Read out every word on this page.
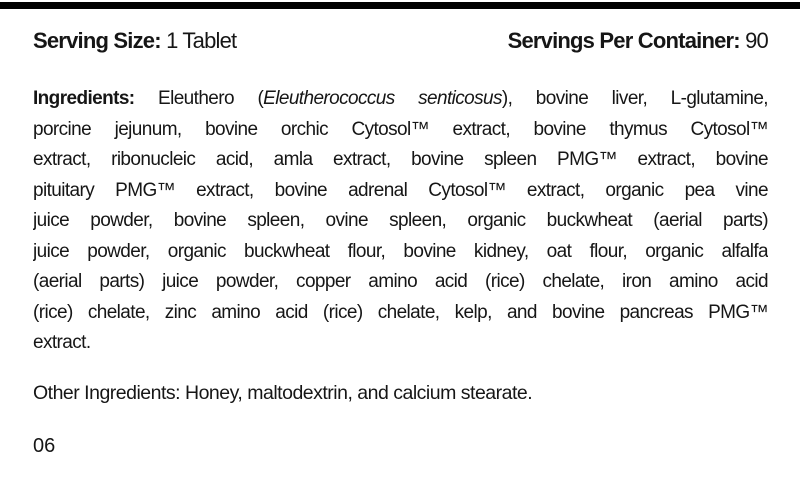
Serving Size: 1 Tablet	Servings Per Container: 90
Ingredients: Eleuthero (Eleutherococcus senticosus), bovine liver, L-glutamine,
porcine jejunum, bovine orchic Cytosol™ extract, bovine thymus Cytosol™
extract, ribonucleic acid, amla extract, bovine spleen PMG™ extract, bovine
pituitary PMG™ extract, bovine adrenal Cytosol™ extract, organic pea vine
juice powder, bovine spleen, ovine spleen, organic buckwheat (aerial parts)
juice powder, organic buckwheat flour, bovine kidney, oat flour, organic alfalfa
(aerial parts) juice powder, copper amino acid (rice) chelate, iron amino acid
(rice) chelate, zinc amino acid (rice) chelate, kelp, and bovine pancreas PMG™
extract.
Other Ingredients: Honey, maltodextrin, and calcium stearate.
06
